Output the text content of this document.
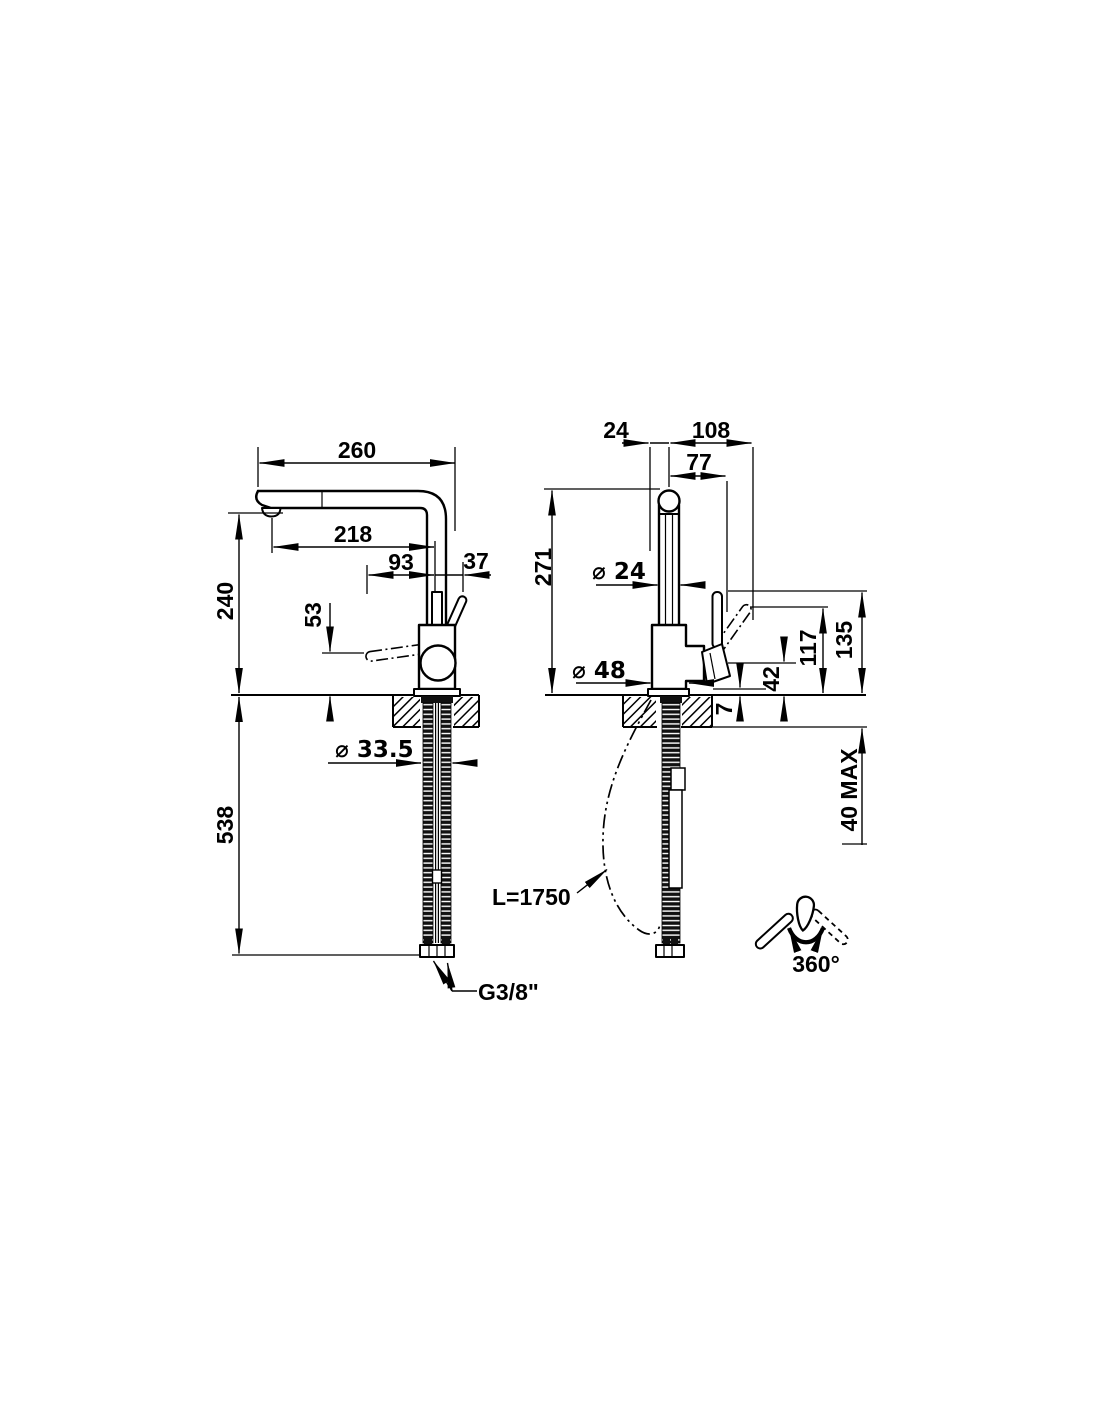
260
218
93 37
53
240
538
⌀ 33.5
G3/8"
24	108
77
271 ⌀ 24
⌀ 48	42
7
117 135
40 MAX
L=1750
360°
